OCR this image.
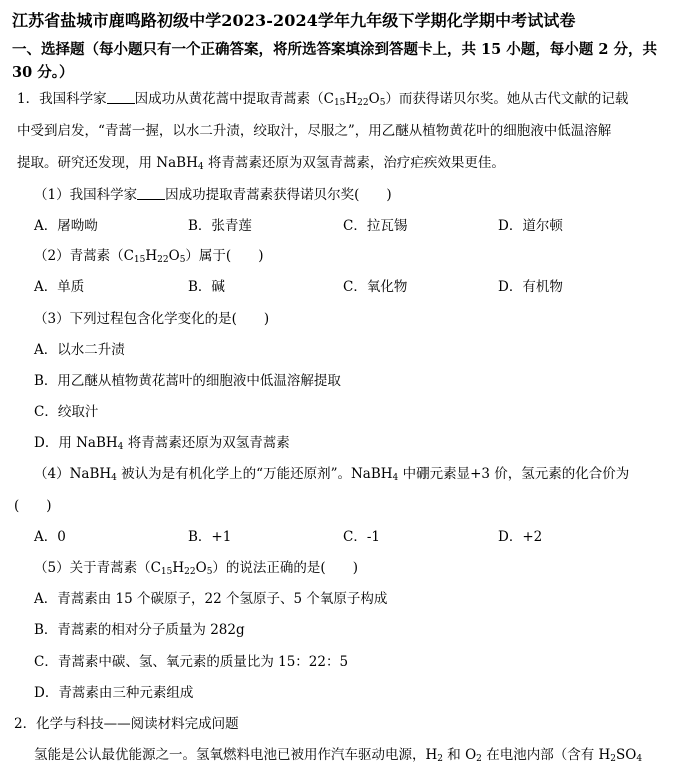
江苏省盐城市鹿鸣路初级中学2023-2024学年九年级下学期化学期中考试试卷
一、选择题（每小题只有一个正确答案，将所选答案填涂到答题卡上，共 15 小题，每小题 2 分，共 30 分。）
1．我国科学家 因成功从黄花蒿中提取青蒿素$(C_{15}H_{22}O_5)$而获得诺贝尔奖。她从古代文献的记载
中受到启发，“青蒿一握，以水二升渍，绞取汁，尽服之”，用乙醚从植物黄花叶的细胞液中低温溶解
提取。研究还发现，用 NaBH$_4$ 将青蒿素还原为双氢青蒿素，治疗疟疾效果更佳。
（1）我国科学家 因成功提取青蒿素获得诺贝尔奖(　　)
A．屠呦呦	B．张青莲	C．拉瓦锡	D．道尔顿
（2）青蒿素$(C_{15}H_{22}O_5)$属于(　　)
A．单质	B．碱	C．氧化物	D．有机物
（3）下列过程包含化学变化的是(　　)
A．以水二升渍
B．用乙醚从植物黄花蒿叶的细胞液中低温溶解提取
C．绞取汁
D．用 NaBH$_4$ 将青蒿素还原为双氢青蒿素
（4）NaBH$_4$ 被认为是有机化学上的“万能还原剂”。NaBH$_4$ 中硼元素显+3 价，氢元素的化合价为
(　　)
A．0	B．+1	C．-1	D．+2
（5）关于青蒿素$(C_{15}H_{22}O_5)$的说法正确的是(　　)
A．青蒿素由 15 个碳原子，22 个氢原子、5 个氧原子构成
B．青蒿素的相对分子质量为 282g
C．青蒿素中碳、氢、氧元素的质量比为 15：22：5
D．青蒿素由三种元素组成
2．化学与科技——阅读材料完成问题
氢能是公认最优能源之一。氢氧燃料电池已被用作汽车驱动电源，$H_2$ 和 $O_2$ 在电池内部（含有 $H_2SO_4$
